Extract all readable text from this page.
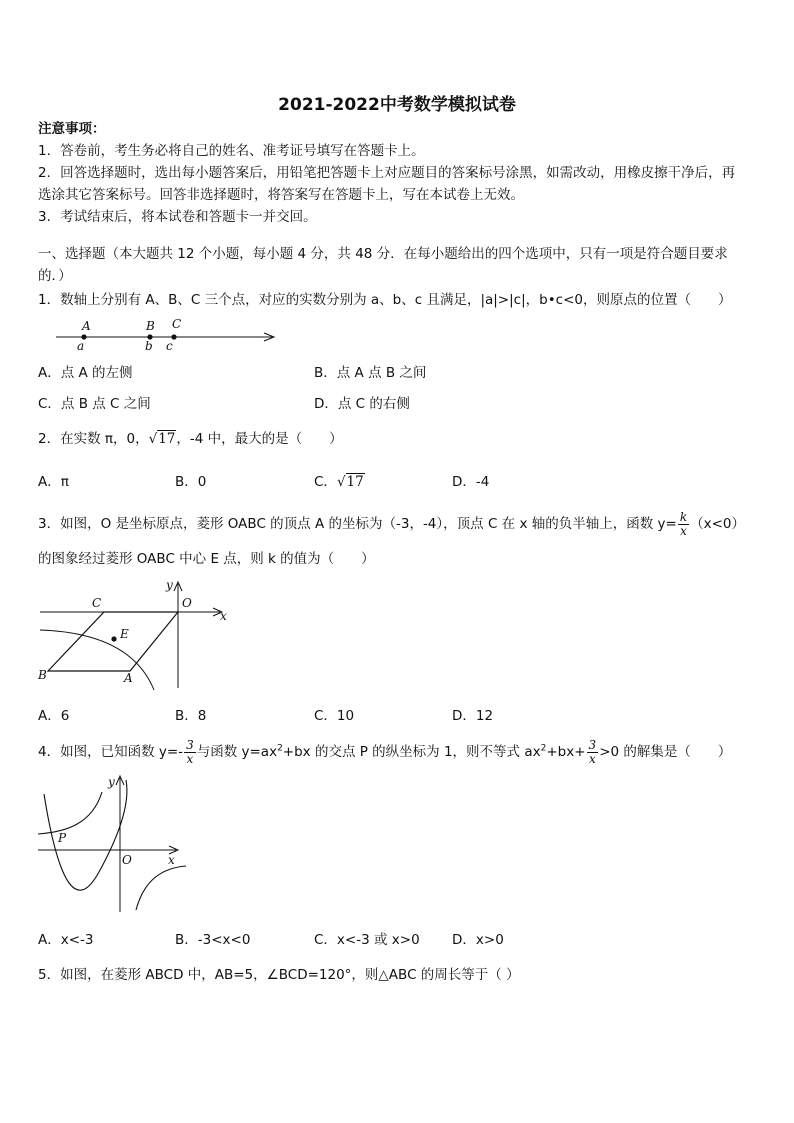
2021-2022中考数学模拟试卷
注意事项：
1．答卷前，考生务必将自己的姓名、准考证号填写在答题卡上。
2．回答选择题时，选出每小题答案后，用铅笔把答题卡上对应题目的答案标号涂黑，如需改动，用橡皮擦干净后，再
选涂其它答案标号。回答非选择题时，将答案写在答题卡上，写在本试卷上无效。
3．考试结束后，将本试卷和答题卡一并交回。
一、选择题（本大题共 12 个小题，每小题 4 分，共 48 分．在每小题给出的四个选项中，只有一项是符合题目要求
的．）
1．数轴上分别有 A、B、C 三个点，对应的实数分别为 a、b、c 且满足，|a|>|c|，b•c<0，则原点的位置（　　）
A	B C
a	b c
A．点 A 的左侧	B．点 A 点 B 之间
C．点 B 点 C 之间	D．点 C 的右侧
2．在实数 π，0，√17，-4 中，最大的是（　　）
A．π	B．0	C．√17	D．-4
3．如图，O 是坐标原点，菱形 OABC 的顶点 A 的坐标为（-3，-4），顶点 C 在 x 轴的负半轴上，函数 $y= \frac{k}{x} (x<0)$
的图象经过菱形 OABC 中心 E 点，则 k 的值为（　　）
C	O
y
x
E
B	A
A．6	B．8	C．10	D．12
4．如图，已知函数 $y=- \frac{3}{x}$ 与函数 $y=ax^2+bx$ 的交点 P 的纵坐标为 1，则不等式 $ax^2+bx+ \frac{3}{x} >0$ 的解集是（　　）
P
O
y
x
A．x<-3	B．-3<x<0	C．x<-3 或 x>0 D．x>0
5．如图，在菱形 ABCD 中，AB=5，∠BCD=120°，则△ABC 的周长等于（ ）
